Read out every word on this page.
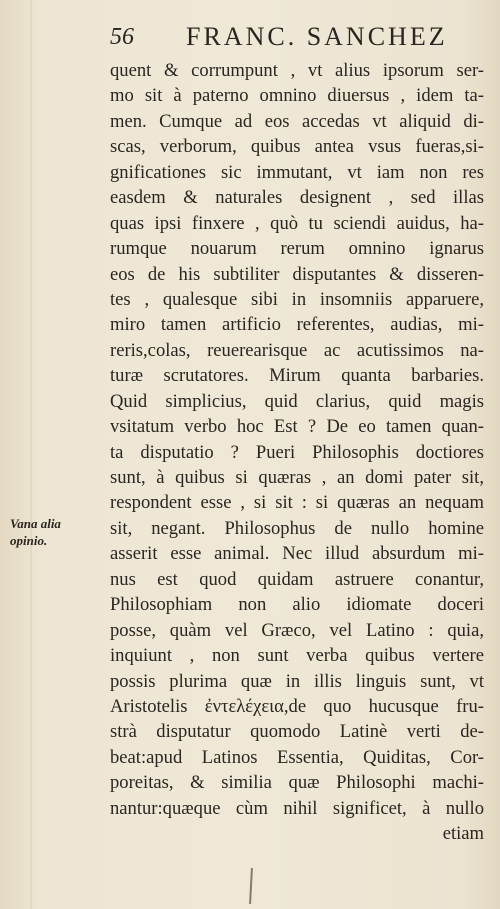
56 FRANC. SANCHEZ
Vana alia
opinio.
quent & corrumpunt , vt alius ipsorum ser-
mo sit à paterno omnino diuersus , idem ta-
men. Cumque ad eos accedas vt aliquid di-
scas, verborum, quibus antea vsus fueras,si-
gnificationes sic immutant, vt iam non res
easdem & naturales designent , sed illas
quas ipsi finxere , quò tu sciendi auidus, ha-
rumque nouarum rerum omnino ignarus
eos de his subtiliter disputantes & disseren-
tes , qualesque sibi in insomniis apparuere,
miro tamen artificio referentes, audias, mi-
reris,colas, reuerearisque ac acutissimos na-
turæ scrutatores. Mirum quanta barbaries.
Quid simplicius, quid clarius, quid magis
vsitatum verbo hoc Est ? De eo tamen quan-
ta disputatio ? Pueri Philosophis doctiores
sunt, à quibus si quæras , an domi pater sit,
respondent esse , si sit : si quæras an nequam
sit, negant. Philosophus de nullo homine
asserit esse animal. Nec illud absurdum mi-
nus est quod quidam astruere conantur,
Philosophiam non alio idiomate doceri
posse, quàm vel Græco, vel Latino : quia,
inquiunt , non sunt verba quibus vertere
possis plurima quæ in illis linguis sunt, vt
Aristotelis ἐντελέχεια,de quo hucusque fru-
strà disputatur quomodo Latinè verti de-
beat:apud Latinos Essentia, Quiditas, Cor-
poreitas, & similia quæ Philosophi machi-
nantur:quæque cùm nihil significet, à nullo
etiam
